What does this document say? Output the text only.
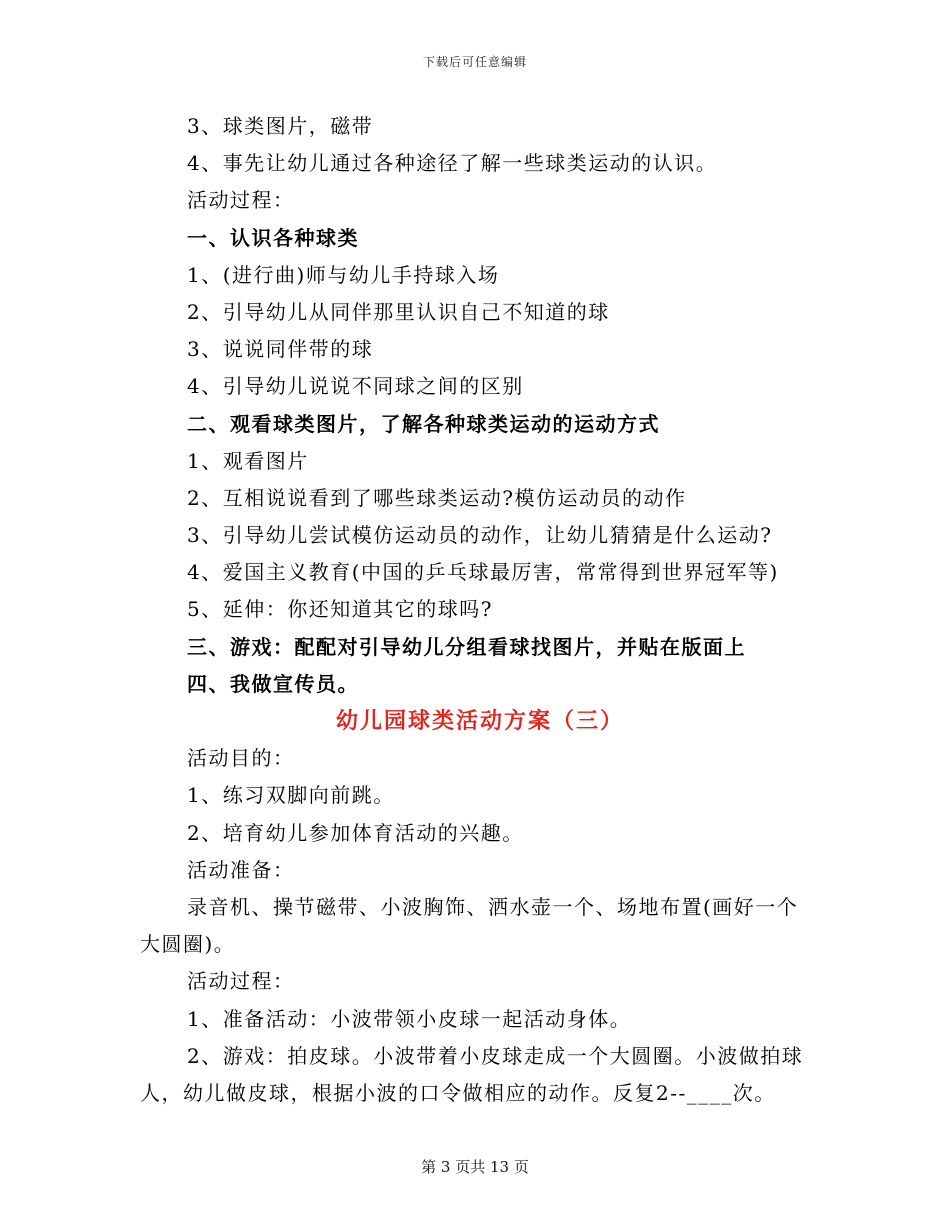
下载后可任意编辑
3、球类图片，磁带
4、事先让幼儿通过各种途径了解一些球类运动的认识。
活动过程：
一、认识各种球类
1、(进行曲)师与幼儿手持球入场
2、引导幼儿从同伴那里认识自己不知道的球
3、说说同伴带的球
4、引导幼儿说说不同球之间的区别
二、观看球类图片，了解各种球类运动的运动方式
1、观看图片
2、互相说说看到了哪些球类运动?模仿运动员的动作
3、引导幼儿尝试模仿运动员的动作，让幼儿猜猜是什么运动?
4、爱国主义教育(中国的乒乓球最厉害，常常得到世界冠军等)
5、延伸：你还知道其它的球吗?
三、游戏：配配对引导幼儿分组看球找图片，并贴在版面上
四、我做宣传员。
幼儿园球类活动方案（三）
活动目的：
1、练习双脚向前跳。
2、培育幼儿参加体育活动的兴趣。
活动准备：
录音机、操节磁带、小波胸饰、洒水壶一个、场地布置(画好一个
大圆圈)。
活动过程：
1、准备活动：小波带领小皮球一起活动身体。
2、游戏：拍皮球。小波带着小皮球走成一个大圆圈。小波做拍球
人，幼儿做皮球，根据小波的口令做相应的动作。反复2--____次。
第 3 页共 13 页
